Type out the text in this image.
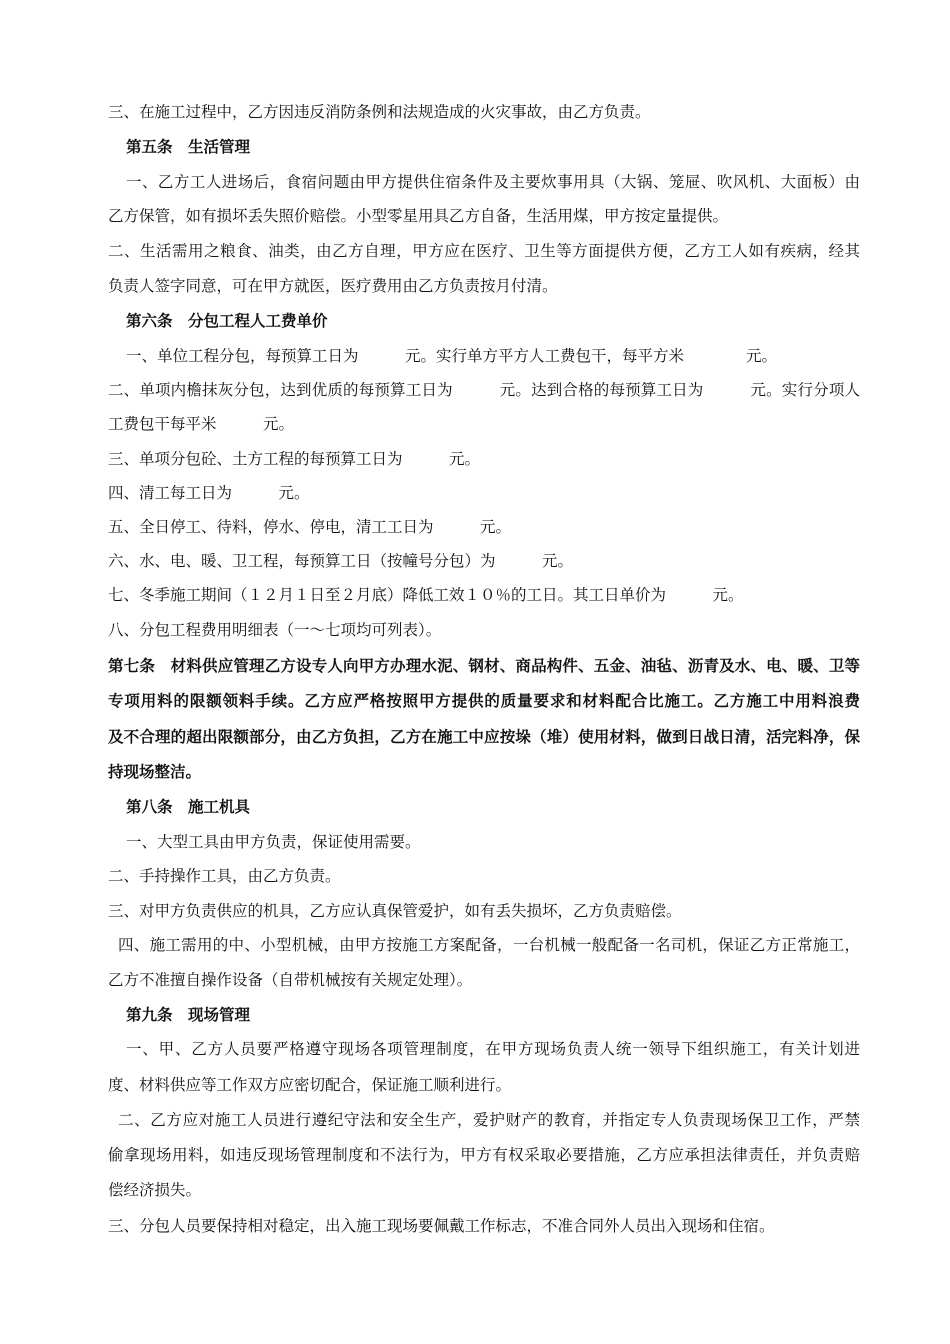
三、在施工过程中，乙方因违反消防条例和法规造成的火灾事故，由乙方负责。
第五条　生活管理
一、乙方工人进场后，食宿问题由甲方提供住宿条件及主要炊事用具（大锅、笼屉、吹风机、大面板）由
乙方保管，如有损坏丢失照价赔偿。小型零星用具乙方自备，生活用煤，甲方按定量提供。
二、生活需用之粮食、油类，由乙方自理，甲方应在医疗、卫生等方面提供方便，乙方工人如有疾病，经其
负责人签字同意，可在甲方就医，医疗费用由乙方负责按月付清。
第六条　分包工程人工费单价
一、单位工程分包，每预算工日为　　　元。实行单方平方人工费包干，每平方米　　　　元。
二、单项内檐抹灰分包，达到优质的每预算工日为　　　元。达到合格的每预算工日为　　　元。实行分项人
工费包干每平米　　　元。
三、单项分包砼、土方工程的每预算工日为　　　元。
四、清工每工日为　　　元。
五、全日停工、待料，停水、停电，清工工日为　　　元。
六、水、电、暖、卫工程，每预算工日（按幢号分包）为　　　元。
七、冬季施工期间（１２月１日至２月底）降低工效１０％的工日。其工日单价为　　　元。
八、分包工程费用明细表（一～七项均可列表）。
第七条　材料供应管理乙方设专人向甲方办理水泥、钢材、商品构件、五金、油毡、沥青及水、电、暖、卫等
专项用料的限额领料手续。乙方应严格按照甲方提供的质量要求和材料配合比施工。乙方施工中用料浪费
及不合理的超出限额部分，由乙方负担，乙方在施工中应按垛（堆）使用材料，做到日战日清，活完料净，保
持现场整洁。
第八条　施工机具
一、大型工具由甲方负责，保证使用需要。
二、手持操作工具，由乙方负责。
三、对甲方负责供应的机具，乙方应认真保管爱护，如有丢失损坏，乙方负责赔偿。
四、施工需用的中、小型机械，由甲方按施工方案配备，一台机械一般配备一名司机，保证乙方正常施工，
乙方不准擅自操作设备（自带机械按有关规定处理）。
第九条　现场管理
一、甲、乙方人员要严格遵守现场各项管理制度，在甲方现场负责人统一领导下组织施工，有关计划进
度、材料供应等工作双方应密切配合，保证施工顺利进行。
二、乙方应对施工人员进行遵纪守法和安全生产，爱护财产的教育，并指定专人负责现场保卫工作，严禁
偷拿现场用料，如违反现场管理制度和不法行为，甲方有权采取必要措施，乙方应承担法律责任，并负责赔
偿经济损失。
三、分包人员要保持相对稳定，出入施工现场要佩戴工作标志，不准合同外人员出入现场和住宿。
